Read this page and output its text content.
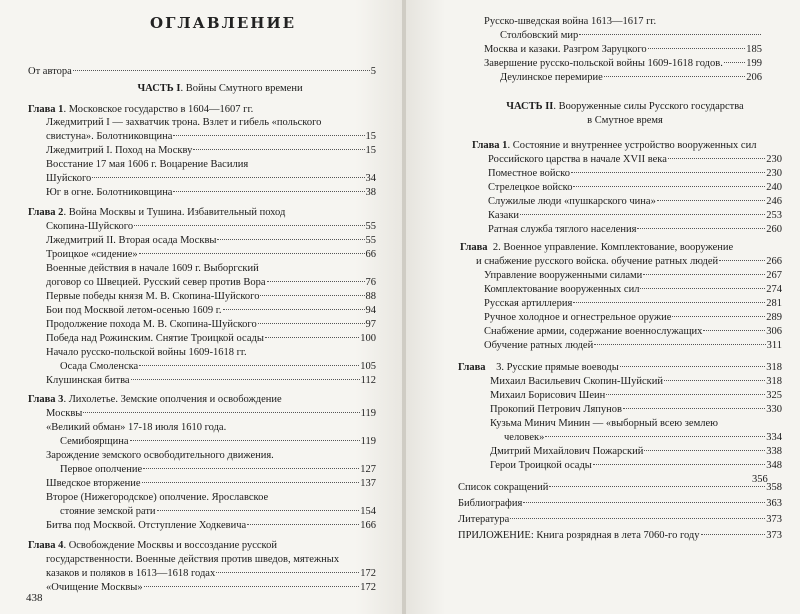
ОГЛАВЛЕНИЕ
От автора	5
ЧАСТЬ I. Войны Смутного времени
Глава 1. Московское государство в 1604—1607 гг.
Лжедмитрий I — захватчик трона. Взлет и гибель «польского
свистуна». Болотниковщина	15
Лжедмитрий I. Поход на Москву	15
Восстание 17 мая 1606 г. Воцарение Василия
Шуйского	34
Юг в огне. Болотниковщина	38
Глава 2. Война Москвы и Тушина. Избавительный поход
Скопина-Шуйского	55
Лжедмитрий II. Вторая осада Москвы	55
Троицкое «сидение»	66
Военные действия в начале 1609 г. Выборгский
договор со Швецией. Русский север против Вора	76
Первые победы князя М. В. Скопина-Шуйского	88
Бои под Москвой летом-осенью 1609 г.	94
Продолжение похода М. В. Скопина-Шуйского	97
Победа над Рожинским. Снятие Троицкой осады	100
Начало русско-польской войны 1609-1618 гг.
Осада Смоленска	105
Клушинская битва	112
Глава 3. Лихолетье. Земские ополчения и освобождение
Москвы	119
«Великий обман» 17-18 июля 1610 года.
Семибоярщина	119
Зарождение земского освободительного движения.
Первое ополчение	127
Шведское вторжение	137
Второе (Нижегородское) ополчение. Ярославское
стояние земской рати	154
Битва под Москвой. Отступление Ходкевича	166
Глава 4. Освобождение Москвы и воссоздание русской
государственности. Военные действия против шведов, мятежных
казаков и поляков в 1613—1618 годах	172
«Очищение Москвы»	172
438
Русско-шведская война 1613—1617 гг.
Столбовский мир
Москва и казаки. Разгром Заруцкого	185
Завершение русско-польской войны 1609-1618 годов. 199
Деулинское перемирие	206
ЧАСТЬ II. Вооруженные силы Русского государства
в Смутное время
Глава 1. Состояние и внутреннее устройство вооруженных сил
Российского царства в начале XVII века	230
Поместное войско	230
Стрелецкое войско	240
Служилые люди «пушкарского чина»	246
Казаки	253
Ратная служба тяглого населения	260
Глава 2. Военное управление. Комплектование, вооружение
и снабжение русского войска. обучение ратных людей	266
Управление вооруженными силами	267
Комплектование вооруженных сил	274
Русская артиллерия	281
Ручное холодное и огнестрельное оружие	289
Снабжение армии, содержание военнослужащих	306
Обучение ратных людей	311
Глава 3. Русские прямые воеводы	318
Михаил Васильевич Скопин-Шуйский	318
Михаил Борисович Шеин	325
Прокопий Петрович Ляпунов	330
Кузьма Минич Минин — «выборный всею землею
человек»	334
Дмитрий Михайлович Пожарский	338
Герои Троицкой осады	348
356
Список сокращений	358
Библиография	363
Литература	373
ПРИЛОЖЕНИЕ: Книга розрядная в лета 7060-го году	373
